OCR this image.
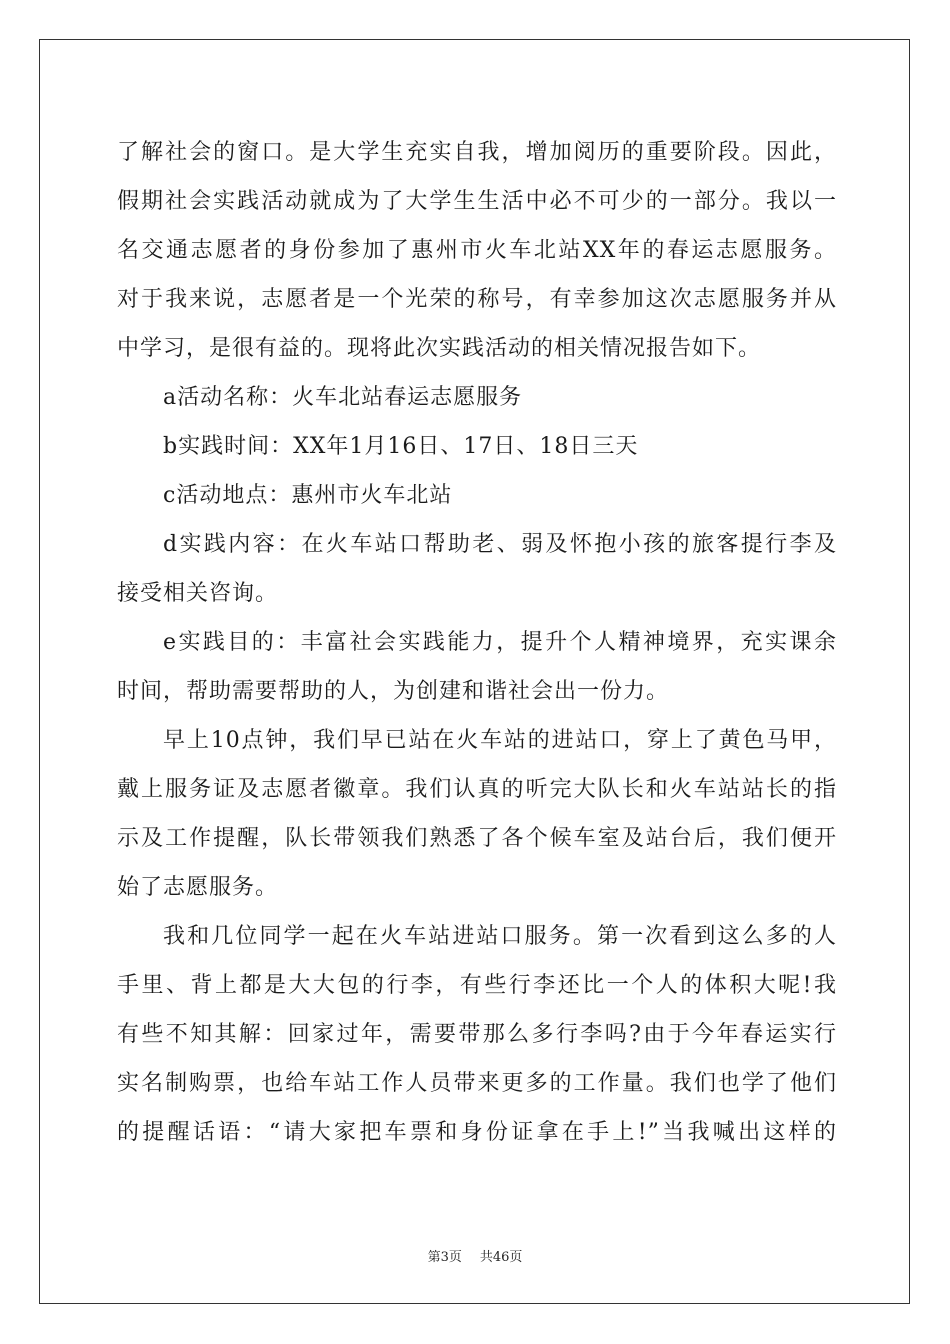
了解社会的窗口。是大学生充实自我，增加阅历的重要阶段。因此，
假期社会实践活动就成为了大学生生活中必不可少的一部分。我以一
名交通志愿者的身份参加了惠州市火车北站XX年的春运志愿服务。
对于我来说，志愿者是一个光荣的称号，有幸参加这次志愿服务并从
中学习，是很有益的。现将此次实践活动的相关情况报告如下。
a活动名称：火车北站春运志愿服务
b实践时间：XX年1月16日、17日、18日三天
c活动地点：惠州市火车北站
d实践内容：在火车站口帮助老、弱及怀抱小孩的旅客提行李及
接受相关咨询。
e实践目的：丰富社会实践能力，提升个人精神境界，充实课余
时间，帮助需要帮助的人，为创建和谐社会出一份力。
早上10点钟，我们早已站在火车站的进站口，穿上了黄色马甲，
戴上服务证及志愿者徽章。我们认真的听完大队长和火车站站长的指
示及工作提醒，队长带领我们熟悉了各个候车室及站台后，我们便开
始了志愿服务。
我和几位同学一起在火车站进站口服务。第一次看到这么多的人
手里、背上都是大大包的行李，有些行李还比一个人的体积大呢!我
有些不知其解：回家过年，需要带那么多行李吗?由于今年春运实行
实名制购票，也给车站工作人员带来更多的工作量。我们也学了他们
的提醒话语：“请大家把车票和身份证拿在手上!”当我喊出这样的
第3页 共46页
